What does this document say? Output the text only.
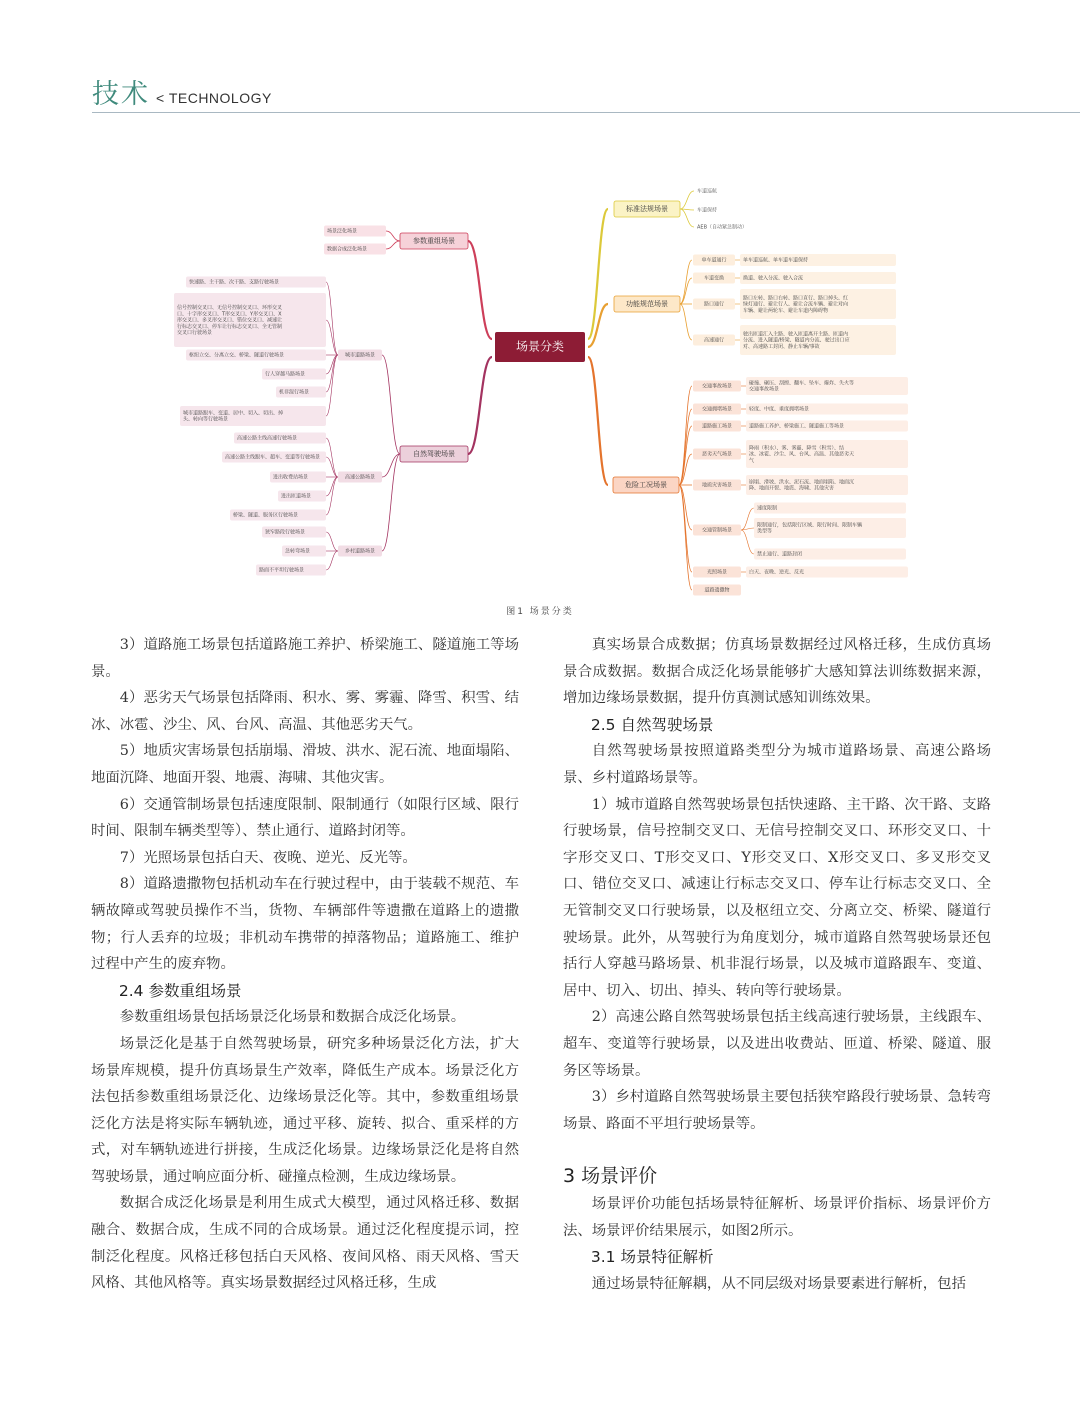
技术 < TECHNOLOGY
场景分类
标准法规场景
车道巡航
车道保持
AEB（自动紧急制动）
功能规范场景
单车道通行	单车道巡航、单车道车道保持
车道变换	换道、驶入分流、驶入合流
路口通行
路口左转、路口右转、路口直行、路口掉头、红
绿灯通行、避让行人、避让合流车辆、避让对向
车辆、避让两轮车、避让车道内障碍物
高速通行
驶出匝道汇入主路、驶入匝道离开主路、匝道内
分流、进入隧道/桥梁、隧道内分流、驶过出口应
对、高速路工封闭、静止车辆/事故
危险工况场景
交通事故场景
碰撞、碾压、刮擦、翻车、坠车、爆炸、失火等
交通事故场景
交通拥堵场景	轻度、中度、重度拥堵场景
道路施工场景	道路施工养护、桥梁施工、隧道施工等场景
恶劣天气场景
降雨（积水）、雾、雾霾、降雪（积雪）、结
冰、冰雹、沙尘、风、台风、高温、其他恶劣天
气
地质灾害场景
崩塌、滑坡、洪水、泥石流、地面塌陷、地面沉
降、地面开裂、地震、海啸、其他灾害
交通管制场景
速度限制
限制通行，包括限行区域、限行时间、限制车辆
类型等
禁止通行、道路封闭
光照场景	白天、夜晚、逆光、反光
道路遗撒物
参数重组场景
场景泛化场景
数据合成泛化场景
自然驾驶场景
城市道路场景
快速路、主干路、次干路、支路行驶场景
信号控制交叉口、无信号控制交叉口、环形交叉
口、十字形交叉口、T形交叉口、Y形交叉口、X
形交叉口、多叉形交叉口、错位交叉口、减速让
行标志交叉口、停车让行标志交叉口、全无管制
交叉口行驶场景
枢纽立交、分离立交、桥梁、隧道行驶场景
行人穿越马路场景
机非混行场景
城市道路跟车、变道、居中、切入、切出、掉
头、转向等行驶场景
高速公路场景
高速公路主线高速行驶场景
高速公路主线跟车、超车、变道等行驶场景
进出收费站场景
进出匝道场景
桥梁、隧道、服务区行驶场景
乡村道路场景
狭窄路段行驶场景
急转弯场景
路面不平坦行驶场景
图1 场景分类

3）道路施工场景包括道路施工养护、桥梁施工、隧道施工等场景。

4）恶劣天气场景包括降雨、积水、雾、雾霾、降雪、积雪、结冰、冰雹、沙尘、风、台风、高温、其他恶劣天气。

5）地质灾害场景包括崩塌、滑坡、洪水、泥石流、地面塌陷、地面沉降、地面开裂、地震、海啸、其他灾害。

6）交通管制场景包括速度限制、限制通行（如限行区域、限行时间、限制车辆类型等）、禁止通行、道路封闭等。

7）光照场景包括白天、夜晚、逆光、反光等。

8）道路遗撒物包括机动车在行驶过程中，由于装载不规范、车辆故障或驾驶员操作不当，货物、车辆部件等遗撒在道路上的遗撒物；行人丢弃的垃圾；非机动车携带的掉落物品；道路施工、维护过程中产生的废弃物。

2.4 参数重组场景

参数重组场景包括场景泛化场景和数据合成泛化场景。

场景泛化是基于自然驾驶场景，研究多种场景泛化方法，扩大场景库规模，提升仿真场景生产效率，降低生产成本。场景泛化方法包括参数重组场景泛化、边缘场景泛化等。其中，参数重组场景泛化方法是将实际车辆轨迹，通过平移、旋转、拟合、重采样的方式，对车辆轨迹进行拼接，生成泛化场景。边缘场景泛化是将自然驾驶场景，通过响应面分析、碰撞点检测，生成边缘场景。

数据合成泛化场景是利用生成式大模型，通过风格迁移、数据融合、数据合成，生成不同的合成场景。通过泛化程度提示词，控制泛化程度。风格迁移包括白天风格、夜间风格、雨天风格、雪天风格、其他风格等。真实场景数据经过风格迁移，生成

真实场景合成数据；仿真场景数据经过风格迁移，生成仿真场景合成数据。数据合成泛化场景能够扩大感知算法训练数据来源，增加边缘场景数据，提升仿真测试感知训练效果。

2.5 自然驾驶场景

自然驾驶场景按照道路类型分为城市道路场景、高速公路场景、乡村道路场景等。

1）城市道路自然驾驶场景包括快速路、主干路、次干路、支路行驶场景，信号控制交叉口、无信号控制交叉口、环形交叉口、十字形交叉口、T形交叉口、Y形交叉口、X形交叉口、多叉形交叉口、错位交叉口、减速让行标志交叉口、停车让行标志交叉口、全无管制交叉口行驶场景，以及枢纽立交、分离立交、桥梁、隧道行驶场景。此外，从驾驶行为角度划分，城市道路自然驾驶场景还包括行人穿越马路场景、机非混行场景，以及城市道路跟车、变道、居中、切入、切出、掉头、转向等行驶场景。

2）高速公路自然驾驶场景包括主线高速行驶场景，主线跟车、超车、变道等行驶场景，以及进出收费站、匝道、桥梁、隧道、服务区等场景。

3）乡村道路自然驾驶场景主要包括狭窄路段行驶场景、急转弯场景、路面不平坦行驶场景等。

3 场景评价

场景评价功能包括场景特征解析、场景评价指标、场景评价方法、场景评价结果展示，如图2所示。

3.1 场景特征解析

通过场景特征解耦，从不同层级对场景要素进行解析，包括
